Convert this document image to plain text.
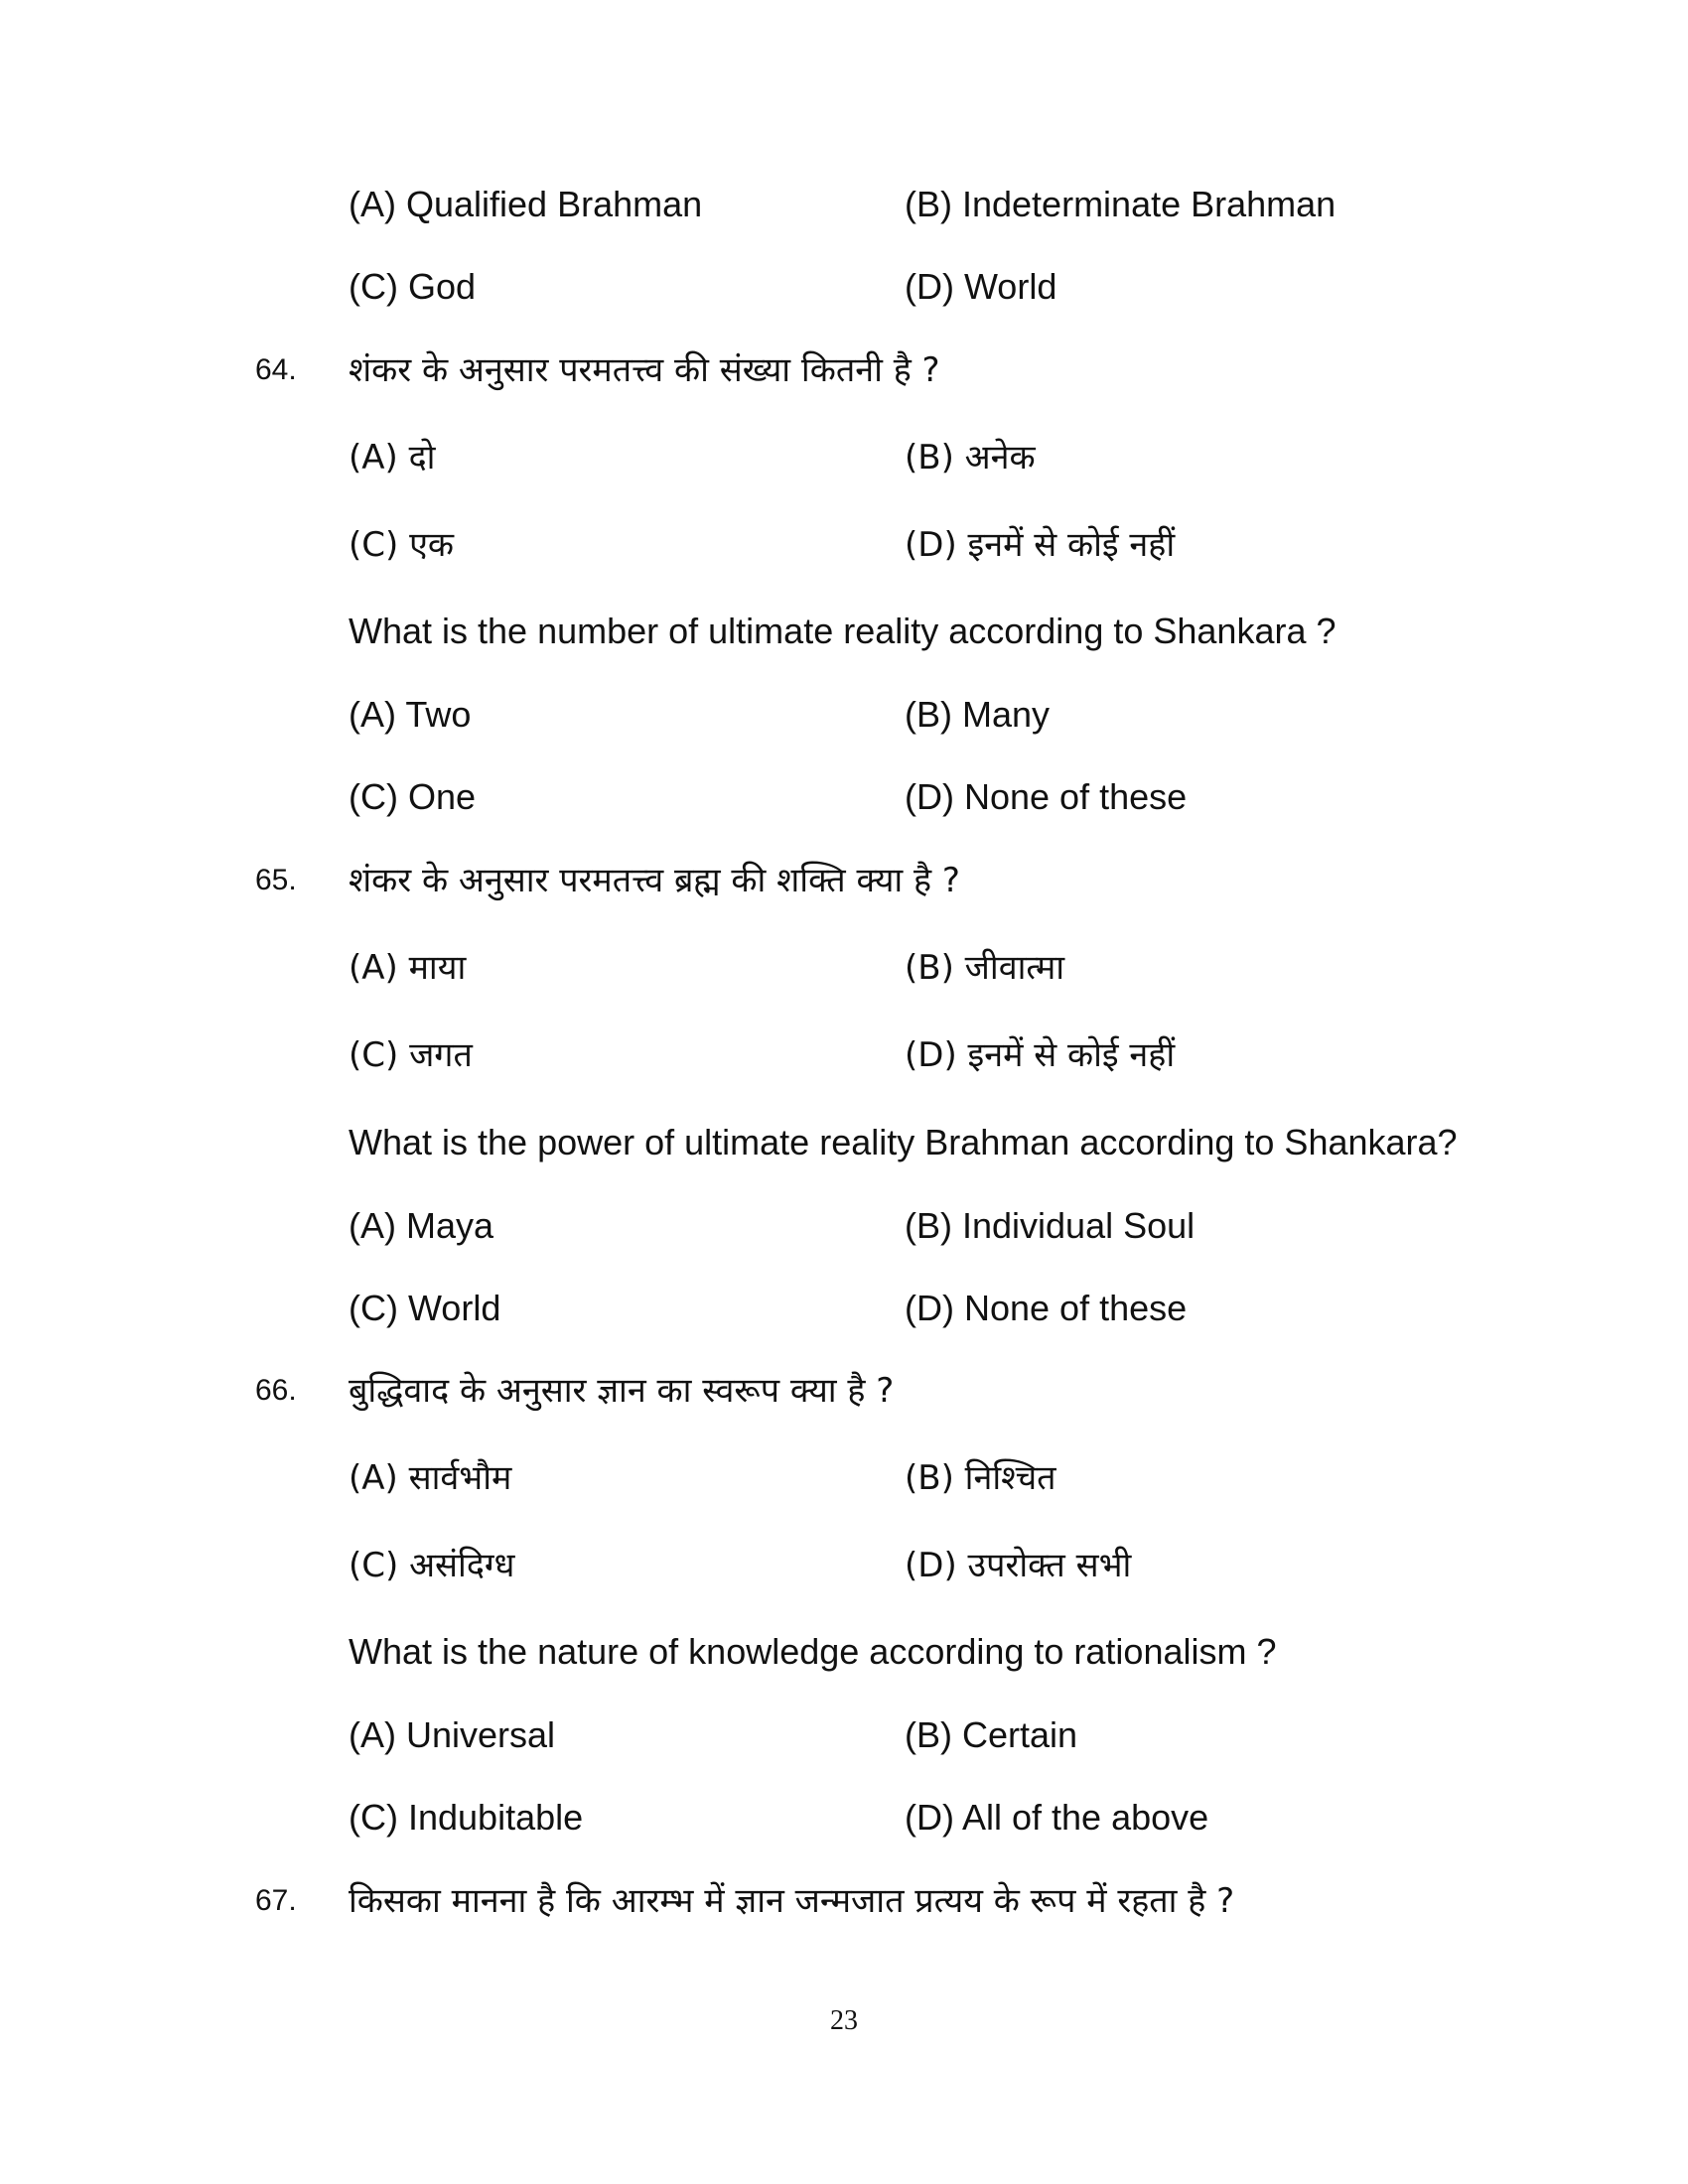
(A) Qualified Brahman	(B) Indeterminate Brahman
(C) God	(D) World
64. शंकर के अनुसार परमतत्त्व की संख्या कितनी है ?
(A) दो	(B) अनेक
(C) एक	(D) इनमें से कोई नहीं
What is the number of ultimate reality according to Shankara ?
(A) Two	(B) Many
(C) One	(D) None of these
65. शंकर के अनुसार परमतत्त्व ब्रह्म की शक्ति क्या है ?
(A) माया	(B) जीवात्मा
(C) जगत	(D) इनमें से कोई नहीं
What is the power of ultimate reality Brahman according to Shankara?
(A) Maya	(B) Individual Soul
(C) World	(D) None of these
66. बुद्धिवाद के अनुसार ज्ञान का स्वरूप क्या है ?
(A) सार्वभौम	(B) निश्चित
(C) असंदिग्ध	(D) उपरोक्त सभी
What is the nature of knowledge according to rationalism ?
(A) Universal	(B) Certain
(C) Indubitable	(D) All of the above
67. किसका मानना है कि आरम्भ में ज्ञान जन्मजात प्रत्यय के रूप में रहता है ?
23
